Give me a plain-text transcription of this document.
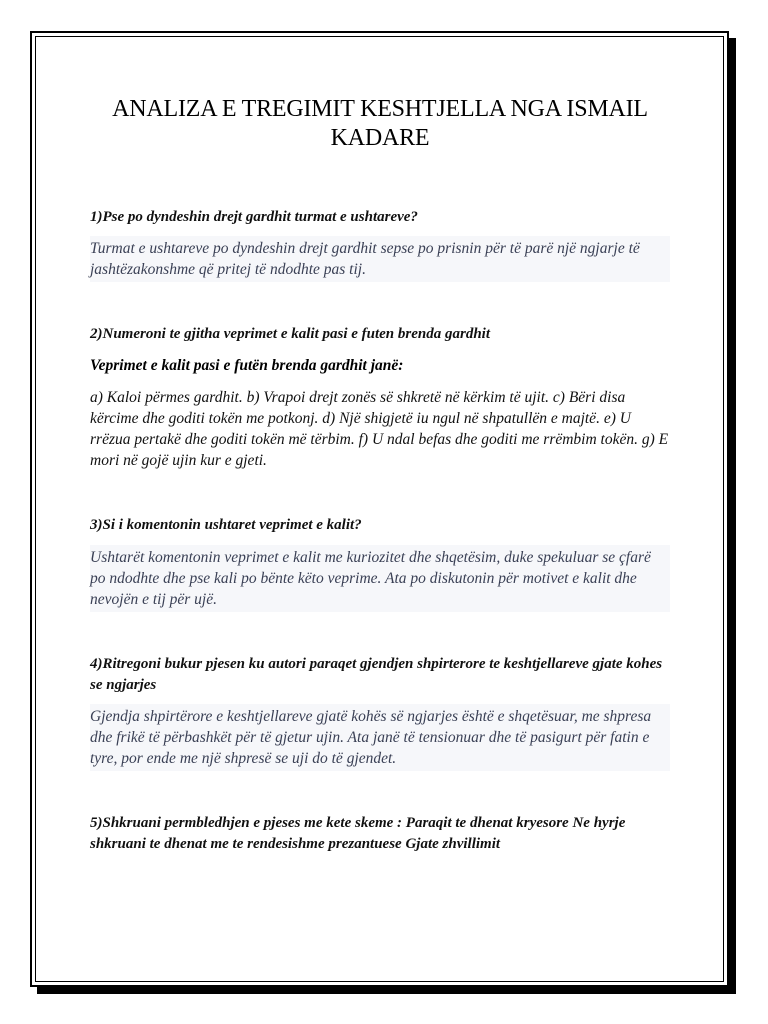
ANALIZA E TREGIMIT KESHTJELLA NGA ISMAIL KADARE

1)Pse po dyndeshin drejt gardhit turmat e ushtareve?

Turmat e ushtareve po dyndeshin drejt gardhit sepse po prisnin për të parë një ngjarje të jashtëzakonshme që pritej të ndodhte pas tij.

2)Numeroni te gjitha veprimet e kalit pasi e futen brenda gardhit

Veprimet e kalit pasi e futën brenda gardhit janë:

a) Kaloi përmes gardhit. b) Vrapoi drejt zonës së shkretë në kërkim të ujit. c) Bëri disa kërcime dhe goditi tokën me potkonj. d) Një shigjetë iu ngul në shpatullën e majtë. e) U rrëzua pertakë dhe goditi tokën më tërbim. f) U ndal befas dhe goditi me rrëmbim tokën. g) E mori në gojë ujin kur e gjeti.

3)Si i komentonin ushtaret veprimet e kalit?

Ushtarët komentonin veprimet e kalit me kuriozitet dhe shqetësim, duke spekuluar se çfarë po ndodhte dhe pse kali po bënte këto veprime. Ata po diskutonin për motivet e kalit dhe nevojën e tij për ujë.

4)Ritregoni bukur pjesen ku autori paraqet gjendjen shpirterore te keshtjellareve gjate kohes se ngjarjes

Gjendja shpirtërore e keshtjellareve gjatë kohës së ngjarjes është e shqetësuar, me shpresa dhe frikë të përbashkët për të gjetur ujin. Ata janë të tensionuar dhe të pasigurt për fatin e tyre, por ende me një shpresë se uji do të gjendet.

5)Shkruani permbledhjen e pjeses me kete skeme : Paraqit te dhenat kryesore Ne hyrje shkruani te dhenat me te rendesishme prezantuese Gjate zhvillimit
